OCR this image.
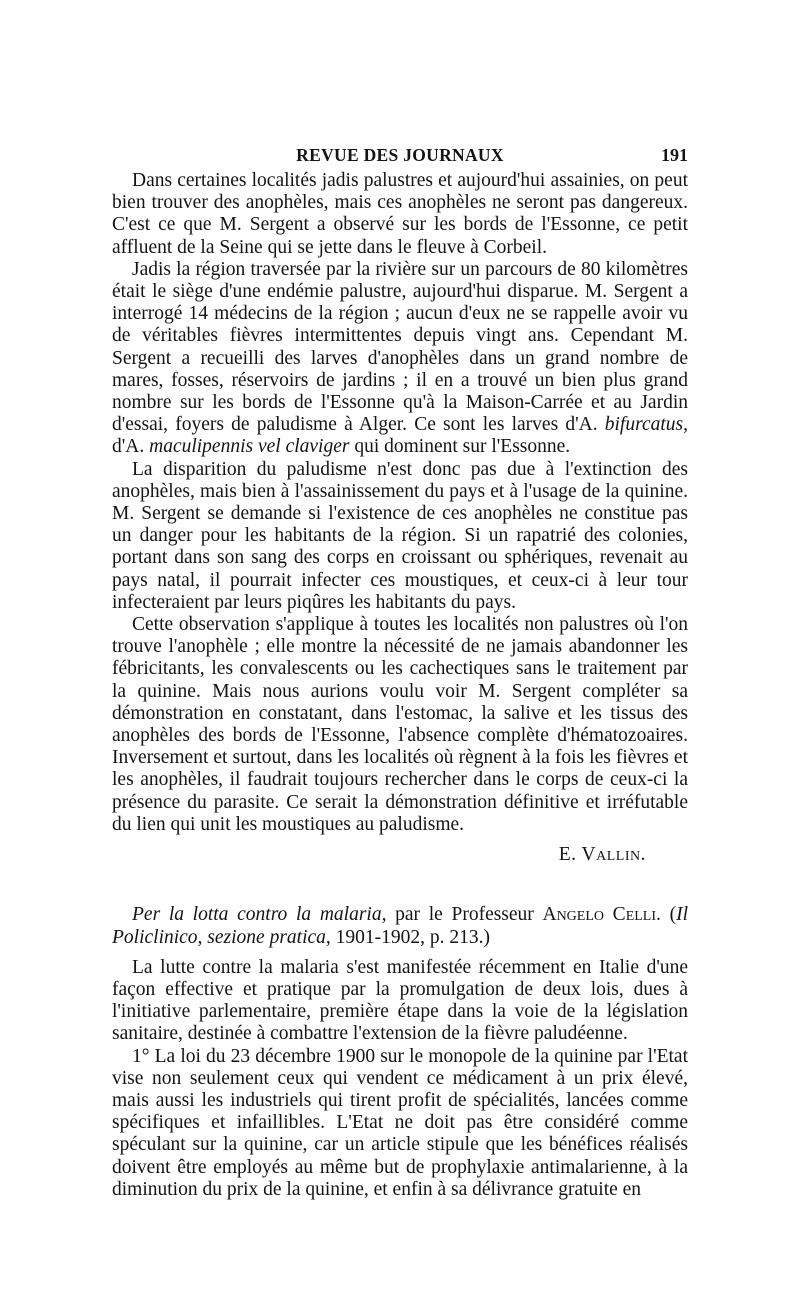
REVUE DES JOURNAUX	191

Dans certaines localités jadis palustres et aujourd'hui assainies, on peut bien trouver des anophèles, mais ces anophèles ne seront pas dangereux. C'est ce que M. Sergent a observé sur les bords de l'Essonne, ce petit affluent de la Seine qui se jette dans le fleuve à Corbeil.

Jadis la région traversée par la rivière sur un parcours de 80 kilomètres était le siège d'une endémie palustre, aujourd'hui disparue. M. Sergent a interrogé 14 médecins de la région ; aucun d'eux ne se rappelle avoir vu de véritables fièvres intermittentes depuis vingt ans. Cependant M. Sergent a recueilli des larves d'anophèles dans un grand nombre de mares, fosses, réservoirs de jardins ; il en a trouvé un bien plus grand nombre sur les bords de l'Essonne qu'à la Maison-Carrée et au Jardin d'essai, foyers de paludisme à Alger. Ce sont les larves d'A. bifurcatus, d'A. maculipennis vel claviger qui dominent sur l'Essonne.

La disparition du paludisme n'est donc pas due à l'extinction des anophèles, mais bien à l'assainissement du pays et à l'usage de la quinine. M. Sergent se demande si l'existence de ces anophèles ne constitue pas un danger pour les habitants de la région. Si un rapatrié des colonies, portant dans son sang des corps en croissant ou sphériques, revenait au pays natal, il pourrait infecter ces moustiques, et ceux-ci à leur tour infecteraient par leurs piqûres les habitants du pays.

Cette observation s'applique à toutes les localités non palustres où l'on trouve l'anophèle ; elle montre la nécessité de ne jamais abandonner les fébricitants, les convalescents ou les cachectiques sans le traitement par la quinine. Mais nous aurions voulu voir M. Sergent compléter sa démonstration en constatant, dans l'estomac, la salive et les tissus des anophèles des bords de l'Essonne, l'absence complète d'hématozoaires. Inversement et surtout, dans les localités où règnent à la fois les fièvres et les anophèles, il faudrait toujours rechercher dans le corps de ceux-ci la présence du parasite. Ce serait la démonstration définitive et irréfutable du lien qui unit les moustiques au paludisme.

E. Vallin.

Per la lotta contro la malaria, par le Professeur Angelo Celli. (Il Policlinico, sezione pratica, 1901-1902, p. 213.)

La lutte contre la malaria s'est manifestée récemment en Italie d'une façon effective et pratique par la promulgation de deux lois, dues à l'initiative parlementaire, première étape dans la voie de la législation sanitaire, destinée à combattre l'extension de la fièvre paludéenne.

1° La loi du 23 décembre 1900 sur le monopole de la quinine par l'Etat vise non seulement ceux qui vendent ce médicament à un prix élevé, mais aussi les industriels qui tirent profit de spécialités, lancées comme spécifiques et infaillibles. L'Etat ne doit pas être considéré comme spéculant sur la quinine, car un article stipule que les bénéfices réalisés doivent être employés au même but de prophylaxie antimalarienne, à la diminution du prix de la quinine, et enfin à sa délivrance gratuite en
